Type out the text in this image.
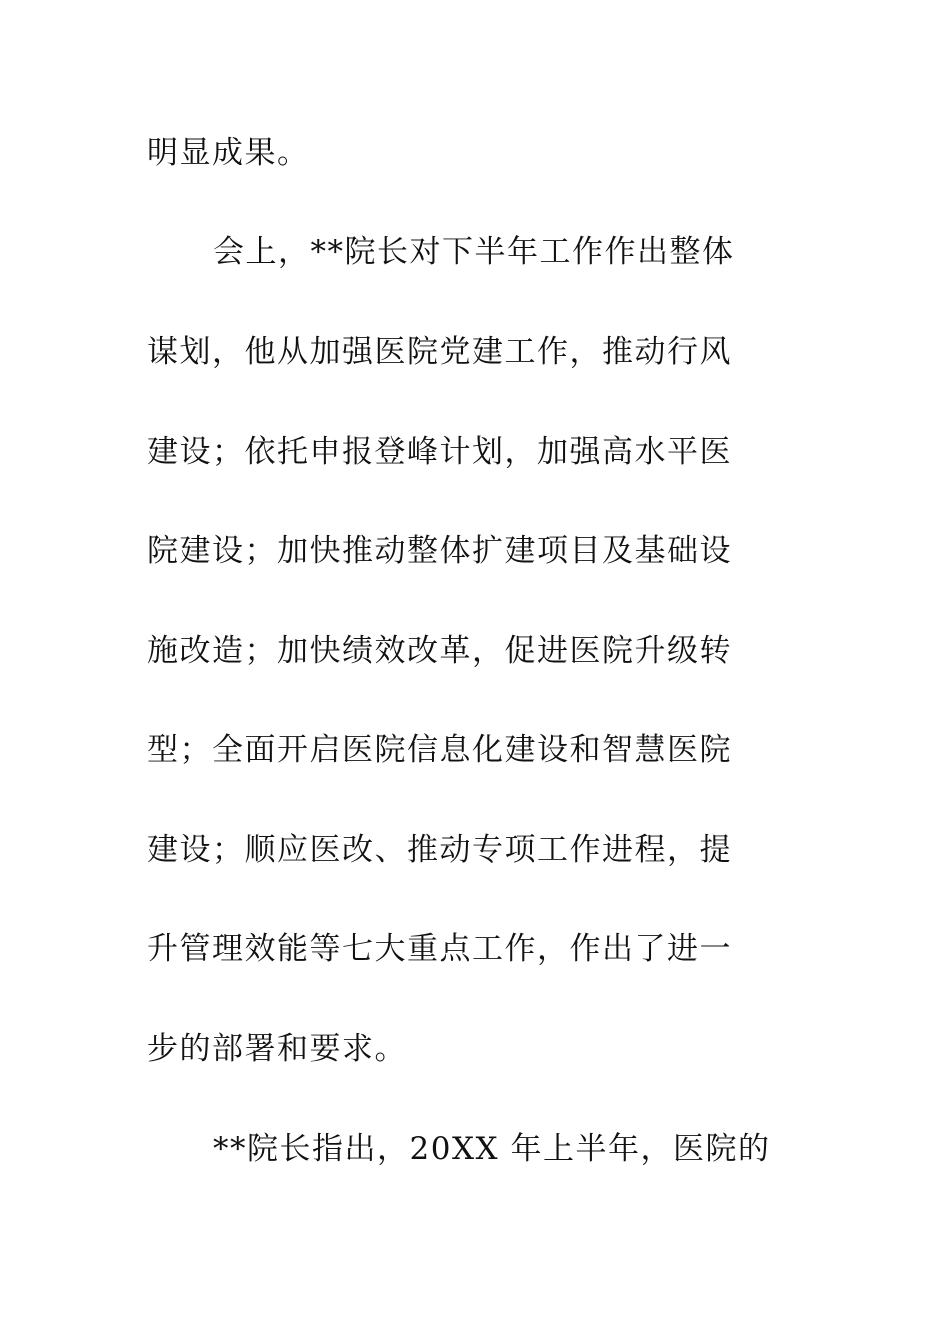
明显成果。
会上，**院长对下半年工作作出整体
谋划，他从加强医院党建工作，推动行风
建设；依托申报登峰计划，加强高水平医
院建设；加快推动整体扩建项目及基础设
施改造；加快绩效改革，促进医院升级转
型；全面开启医院信息化建设和智慧医院
建设；顺应医改、推动专项工作进程，提
升管理效能等七大重点工作，作出了进一
步的部署和要求。
**院长指出，20XX 年上半年，医院的
